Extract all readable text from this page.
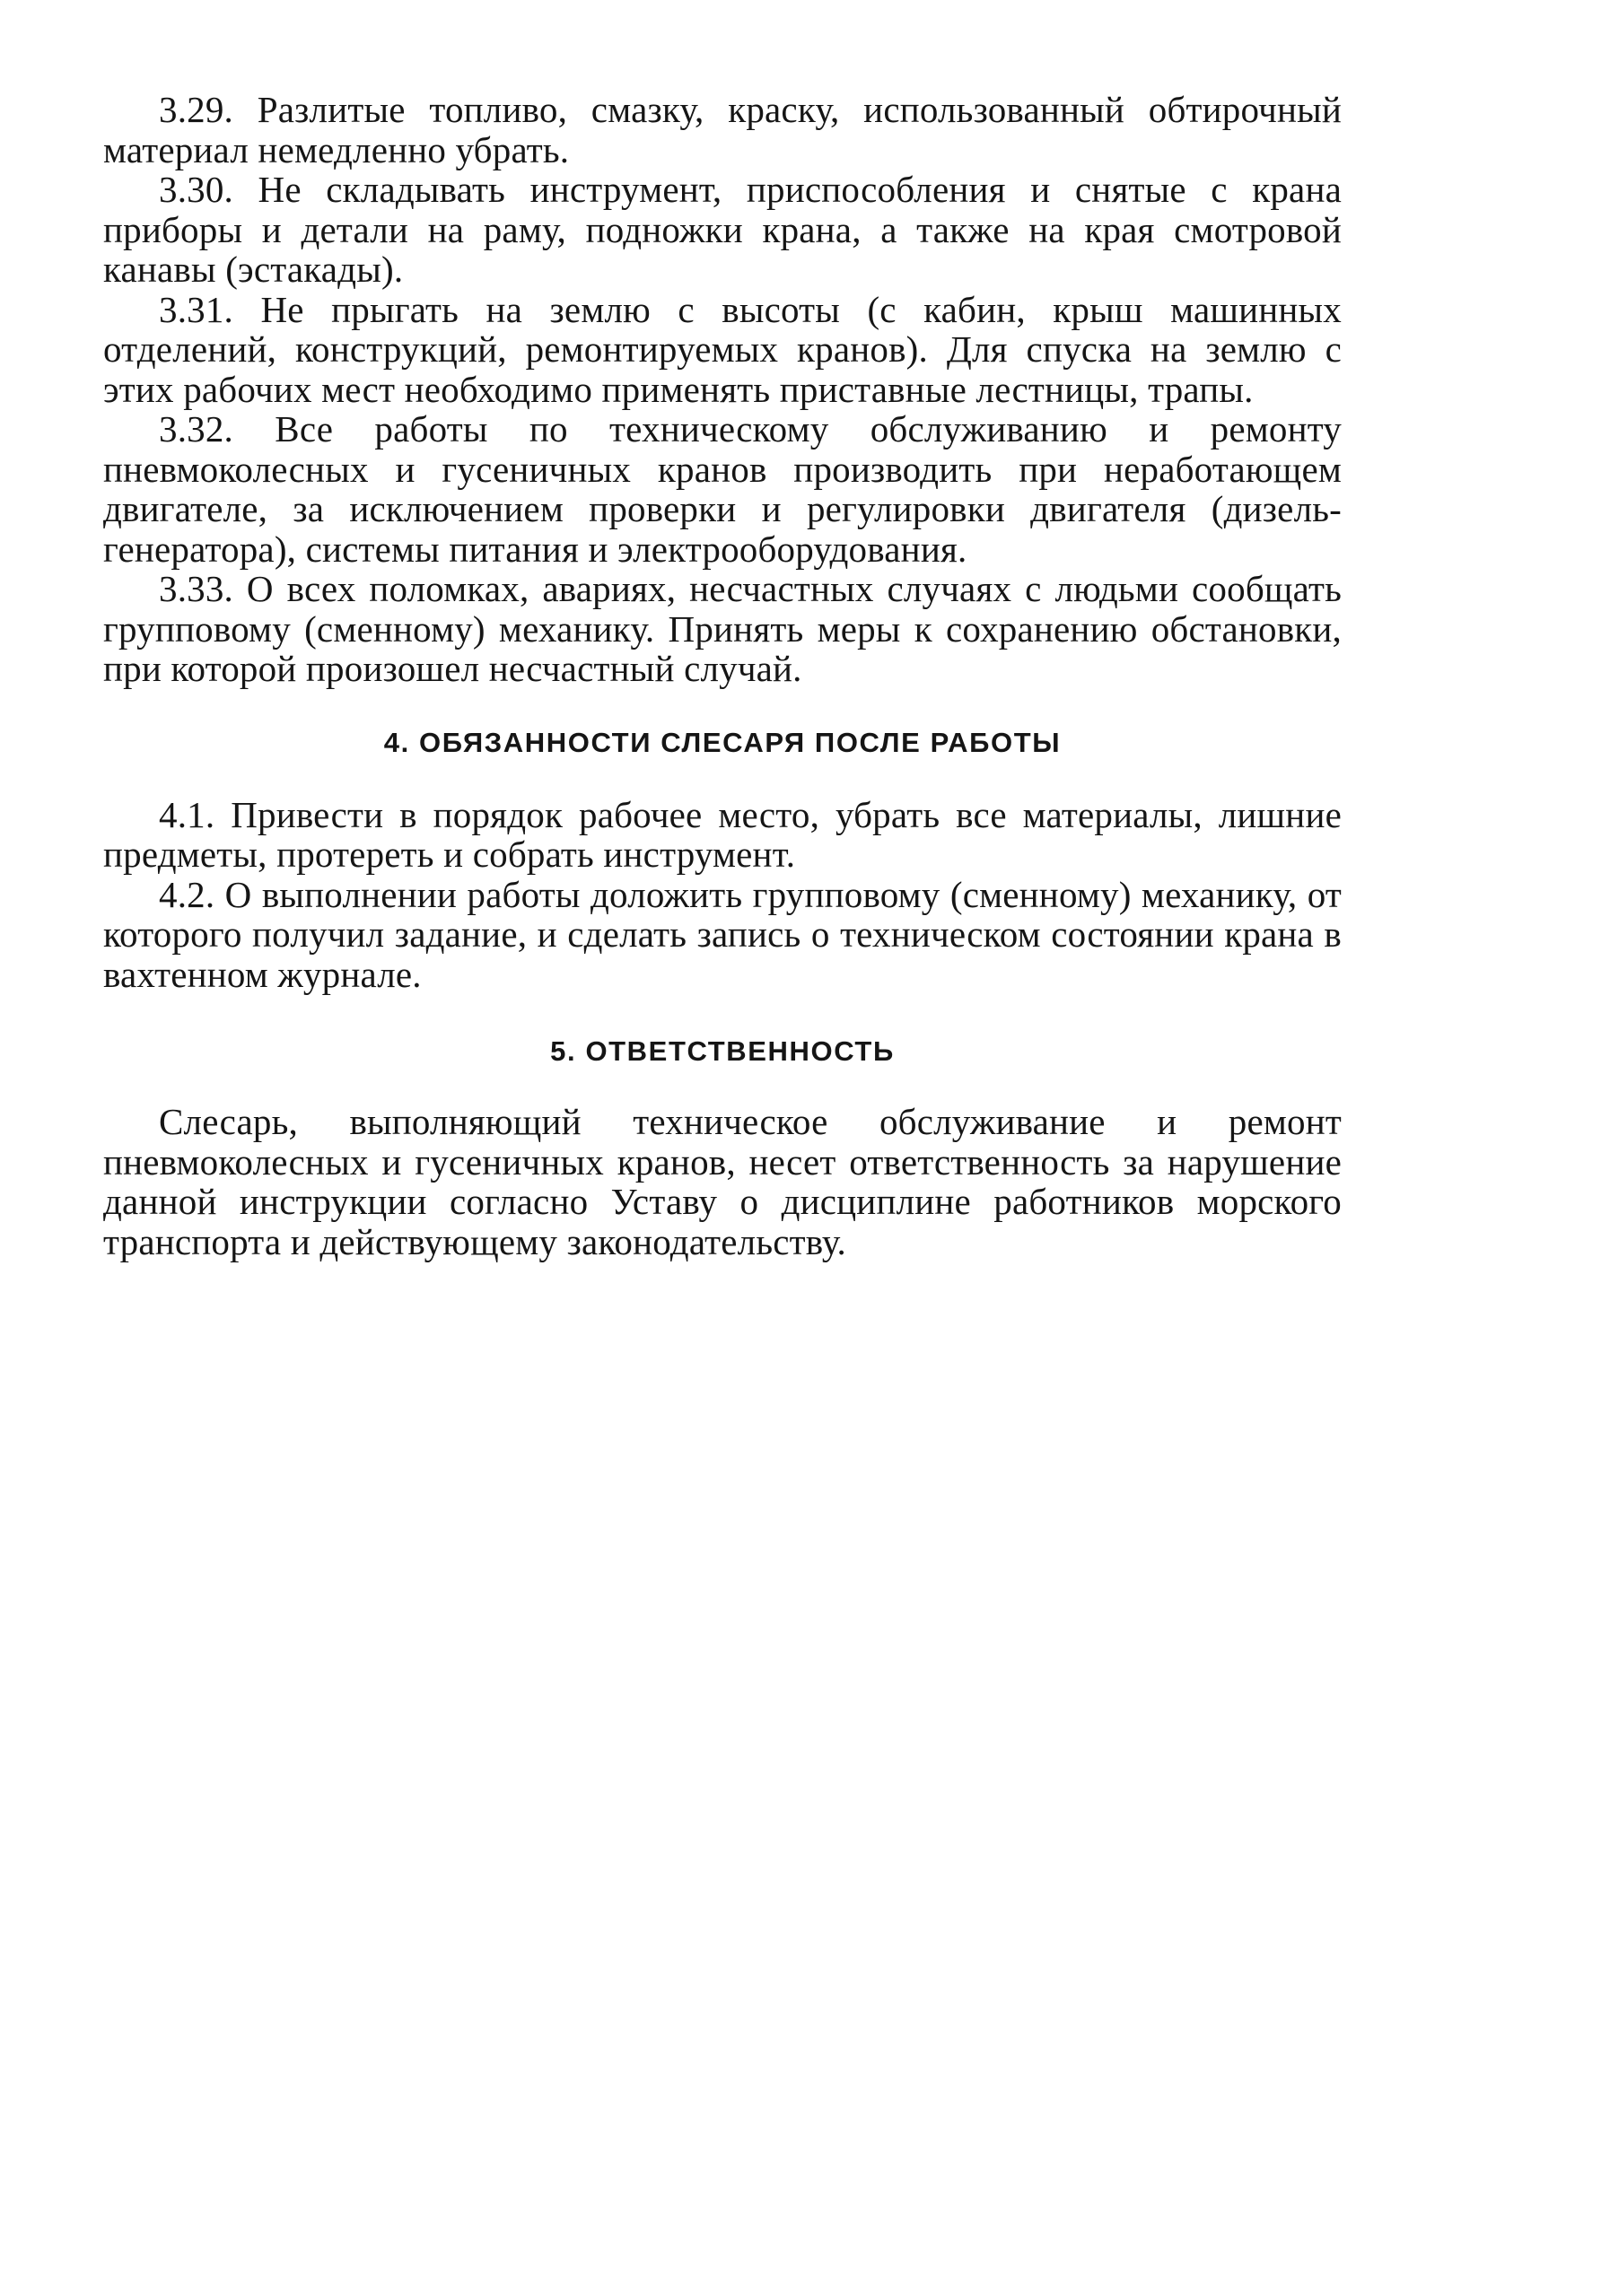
3.29. Разлитые топливо, смазку, краску, использованный обтирочный материал немедленно убрать.

3.30. Не складывать инструмент, приспособления и снятые с крана приборы и детали на раму, подножки крана, а также на края смотровой канавы (эстакады).

3.31. Не прыгать на землю с высоты (с кабин, крыш машинных отделений, конструкций, ремонтируемых кранов). Для спуска на землю с этих рабочих мест необходимо применять приставные лестницы, трапы.

3.32. Все работы по техническому обслуживанию и ремонту пневмоколесных и гусеничных кранов производить при неработающем двигателе, за исключением проверки и регулировки двигателя (дизель-генератора), системы питания и электрооборудования.

3.33. О всех поломках, авариях, несчастных случаях с людьми сообщать групповому (сменному) механику. Принять меры к сохранению обстановки, при которой произошел несчастный случай.

4. ОБЯЗАННОСТИ СЛЕСАРЯ ПОСЛЕ РАБОТЫ

4.1. Привести в порядок рабочее место, убрать все материалы, лишние предметы, протереть и собрать инструмент.

4.2. О выполнении работы доложить групповому (сменному) механику, от которого получил задание, и сделать запись о техническом состоянии крана в вахтенном журнале.

5. ОТВЕТСТВЕННОСТЬ

Слесарь, выполняющий техническое обслуживание и ремонт пневмоколесных и гусеничных кранов, несет ответственность за нарушение данной инструкции согласно Уставу о дисциплине работников морского транспорта и действующему законодательству.
